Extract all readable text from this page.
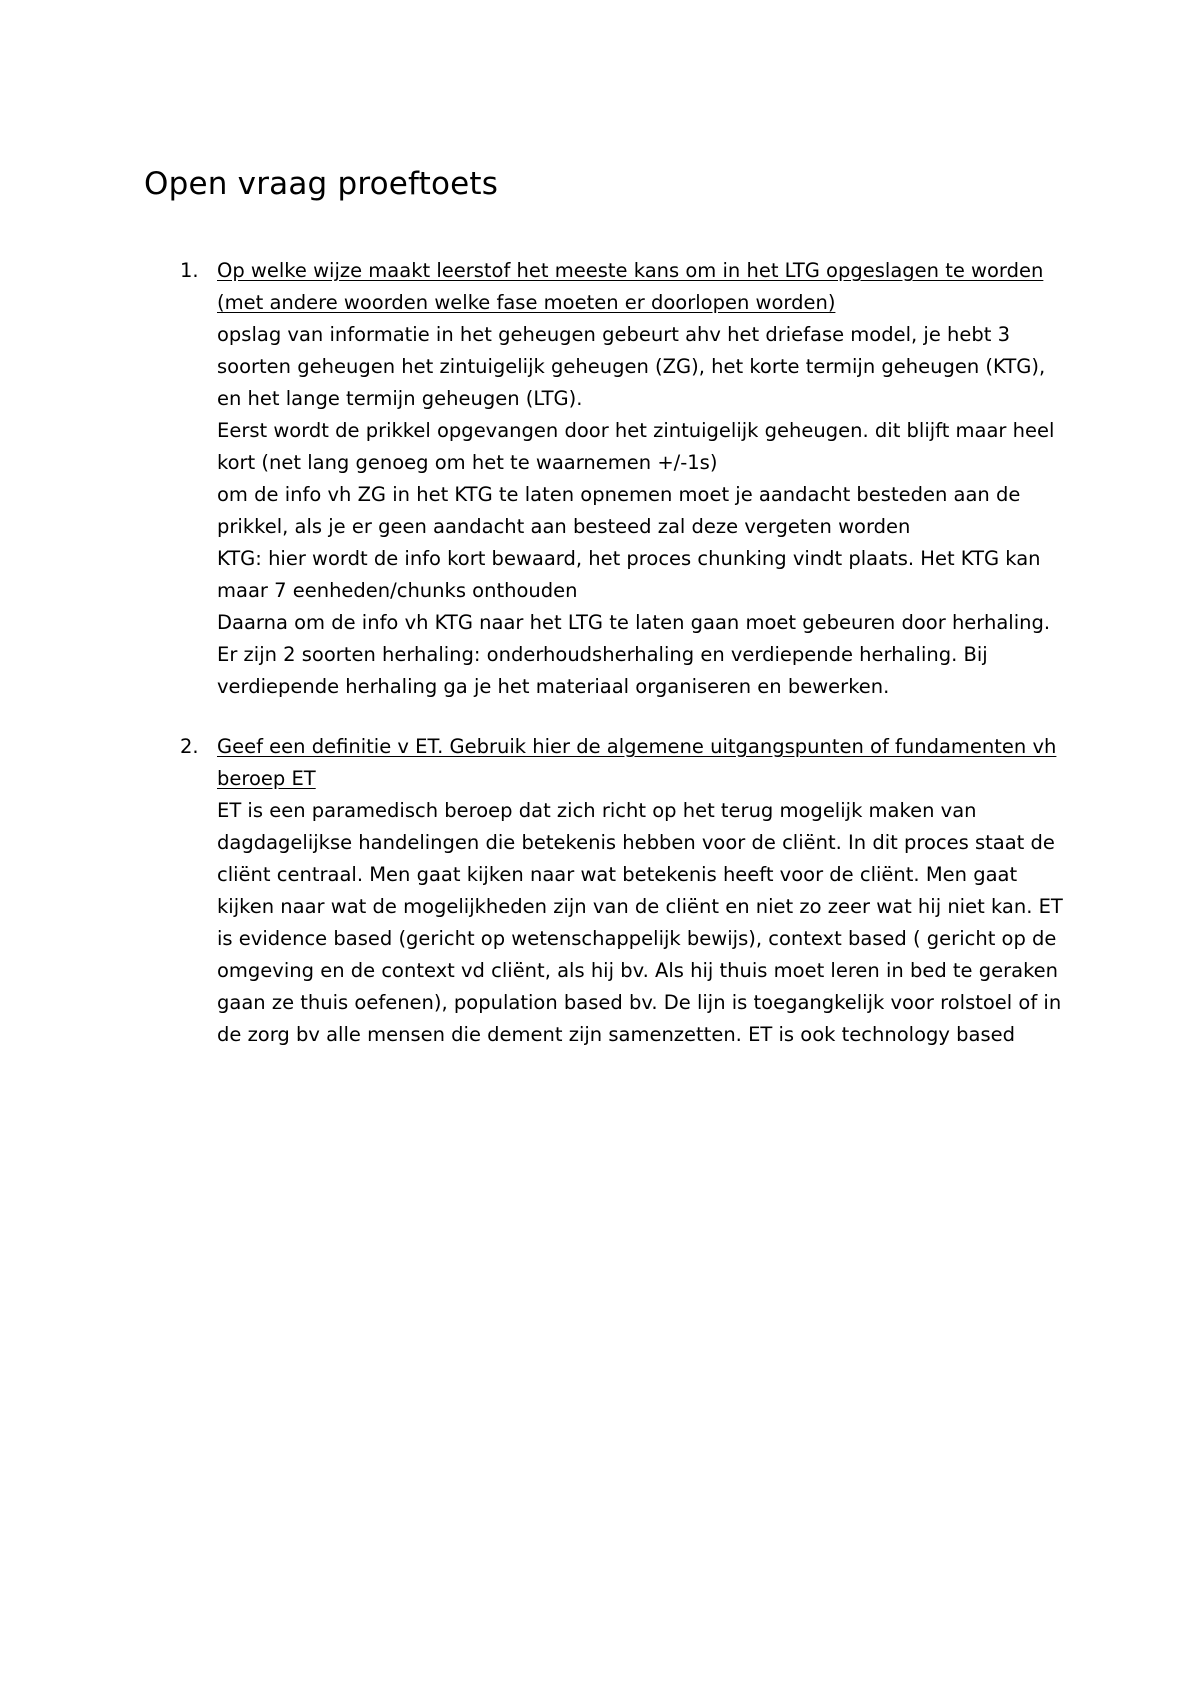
Open vraag proeftoets
1. Op welke wijze maakt leerstof het meeste kans om in het LTG opgeslagen te worden (met andere woorden welke fase moeten er doorlopen worden)
opslag van informatie in het geheugen gebeurt ahv het driefase model, je hebt 3 soorten geheugen het zintuigelijk geheugen (ZG), het korte termijn geheugen (KTG), en het lange termijn geheugen (LTG).
Eerst wordt de prikkel opgevangen door het zintuigelijk geheugen. dit blijft maar heel kort (net lang genoeg om het te waarnemen +/-1s)
om de info vh ZG in het KTG te laten opnemen moet je aandacht besteden aan de prikkel, als je er geen aandacht aan besteed zal deze vergeten worden
KTG: hier wordt de info kort bewaard, het proces chunking vindt plaats. Het KTG kan maar 7 eenheden/chunks onthouden
Daarna om de info vh KTG naar het LTG te laten gaan moet gebeuren door herhaling. Er zijn 2 soorten herhaling: onderhoudsherhaling en verdiepende herhaling. Bij verdiepende herhaling ga je het materiaal organiseren en bewerken.
2. Geef een definitie v ET. Gebruik hier de algemene uitgangspunten of fundamenten vh beroep ET
ET is een paramedisch beroep dat zich richt op het terug mogelijk maken van dagdagelijkse handelingen die betekenis hebben voor de cliënt. In dit proces staat de cliënt centraal. Men gaat kijken naar wat betekenis heeft voor de cliënt. Men gaat kijken naar wat de mogelijkheden zijn van de cliënt en niet zo zeer wat hij niet kan. ET is evidence based (gericht op wetenschappelijk bewijs), context based ( gericht op de omgeving en de context vd cliënt, als hij bv. Als hij thuis moet leren in bed te geraken gaan ze thuis oefenen), population based bv. De lijn is toegangkelijk voor rolstoel of in de zorg bv alle mensen die dement zijn samenzetten. ET is ook technology based
